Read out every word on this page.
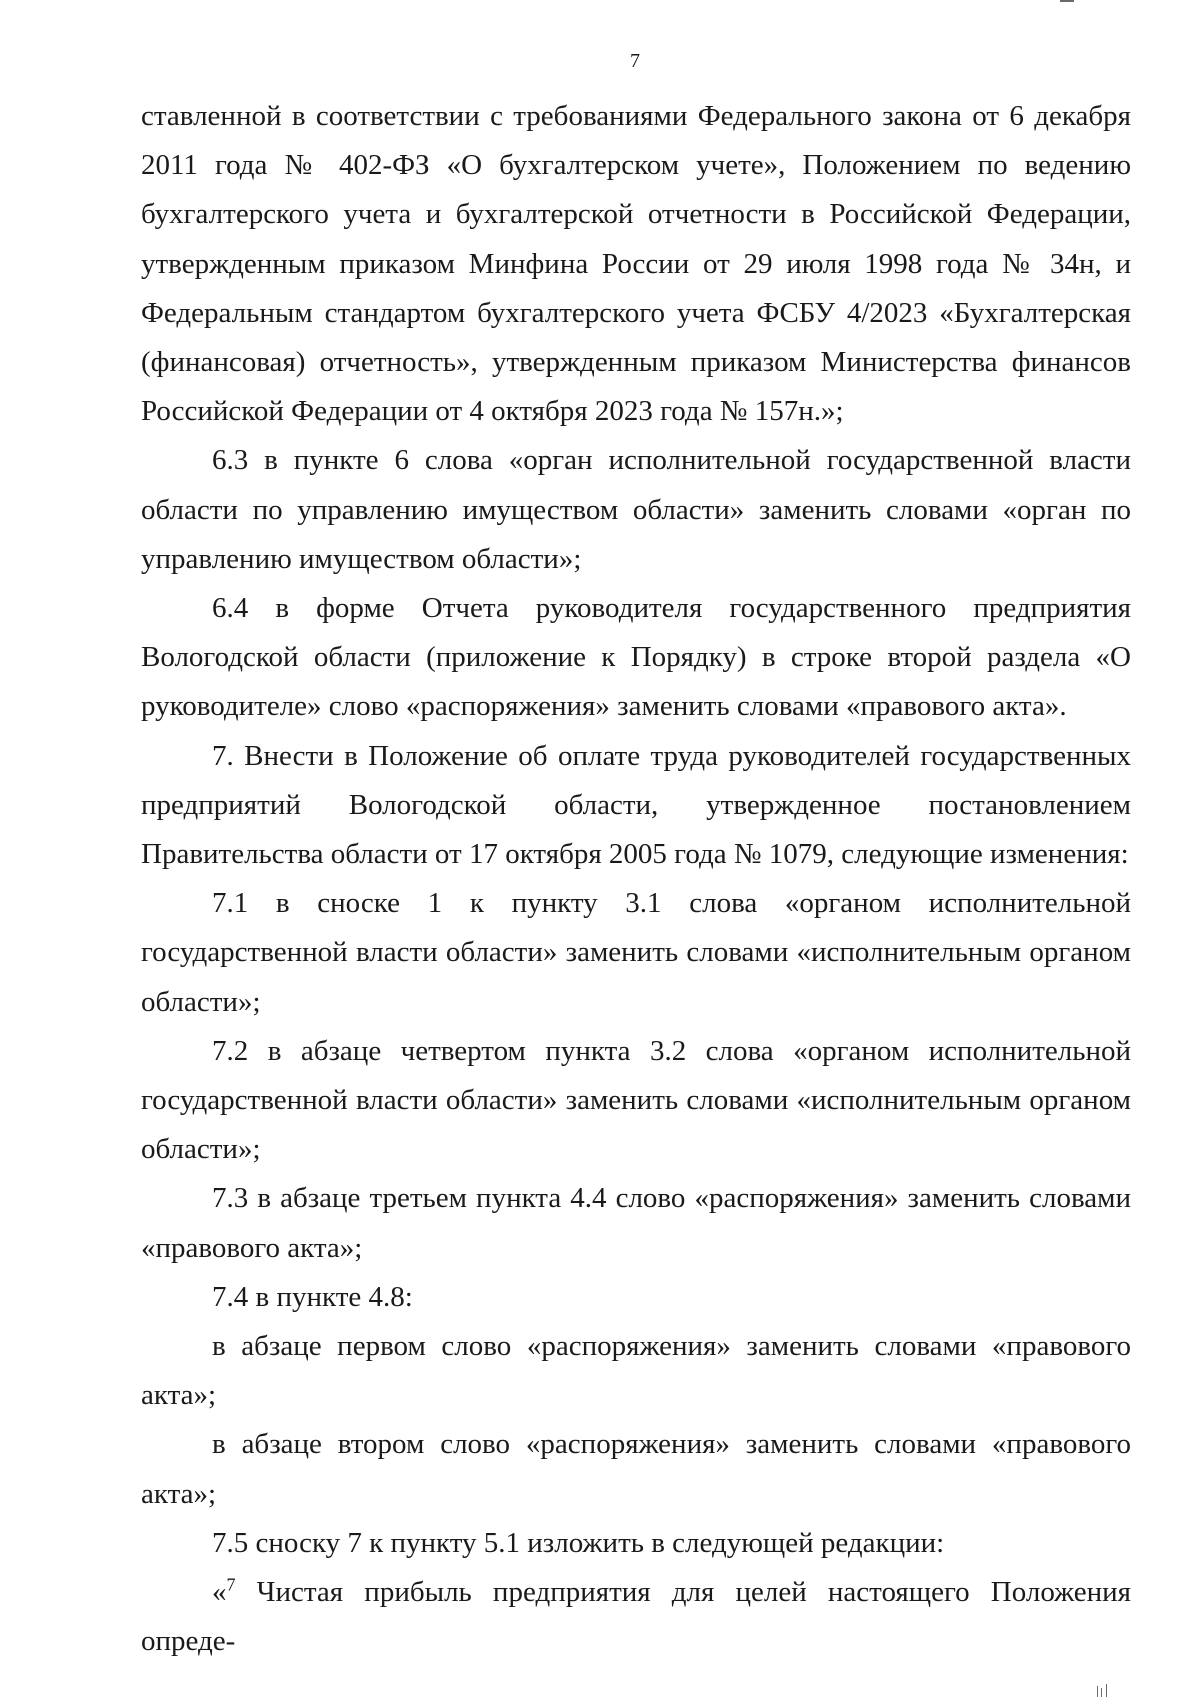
7

ставленной в соответствии с требованиями Федерального закона от 6 декабря 2011 года № 402-ФЗ «О бухгалтерском учете», Положением по ведению бухгалтерского учета и бухгалтерской отчетности в Российской Федерации, утвержденным приказом Минфина России от 29 июля 1998 года № 34н, и Федеральным стандартом бухгалтерского учета ФСБУ 4/2023 «Бухгалтерская (финансовая) отчетность», утвержденным приказом Министерства финансов Российской Федерации от 4 октября 2023 года № 157н.»;

6.3 в пункте 6 слова «орган исполнительной государственной власти области по управлению имуществом области» заменить словами «орган по управлению имуществом области»;

6.4 в форме Отчета руководителя государственного предприятия Вологодской области (приложение к Порядку) в строке второй раздела «О руководителе» слово «распоряжения» заменить словами «правового акта».

7. Внести в Положение об оплате труда руководителей государственных предприятий Вологодской области, утвержденное постановлением Правительства области от 17 октября 2005 года № 1079, следующие изменения:

7.1 в сноске 1 к пункту 3.1 слова «органом исполнительной государственной власти области» заменить словами «исполнительным органом области»;

7.2 в абзаце четвертом пункта 3.2 слова «органом исполнительной государственной власти области» заменить словами «исполнительным органом области»;

7.3 в абзаце третьем пункта 4.4 слово «распоряжения» заменить словами «правового акта»;

7.4 в пункте 4.8:

в абзаце первом слово «распоряжения» заменить словами «правового акта»;

в абзаце втором слово «распоряжения» заменить словами «правового акта»;

7.5 сноску 7 к пункту 5.1 изложить в следующей редакции:

«$^7$ Чистая прибыль предприятия для целей настоящего Положения опреде-
